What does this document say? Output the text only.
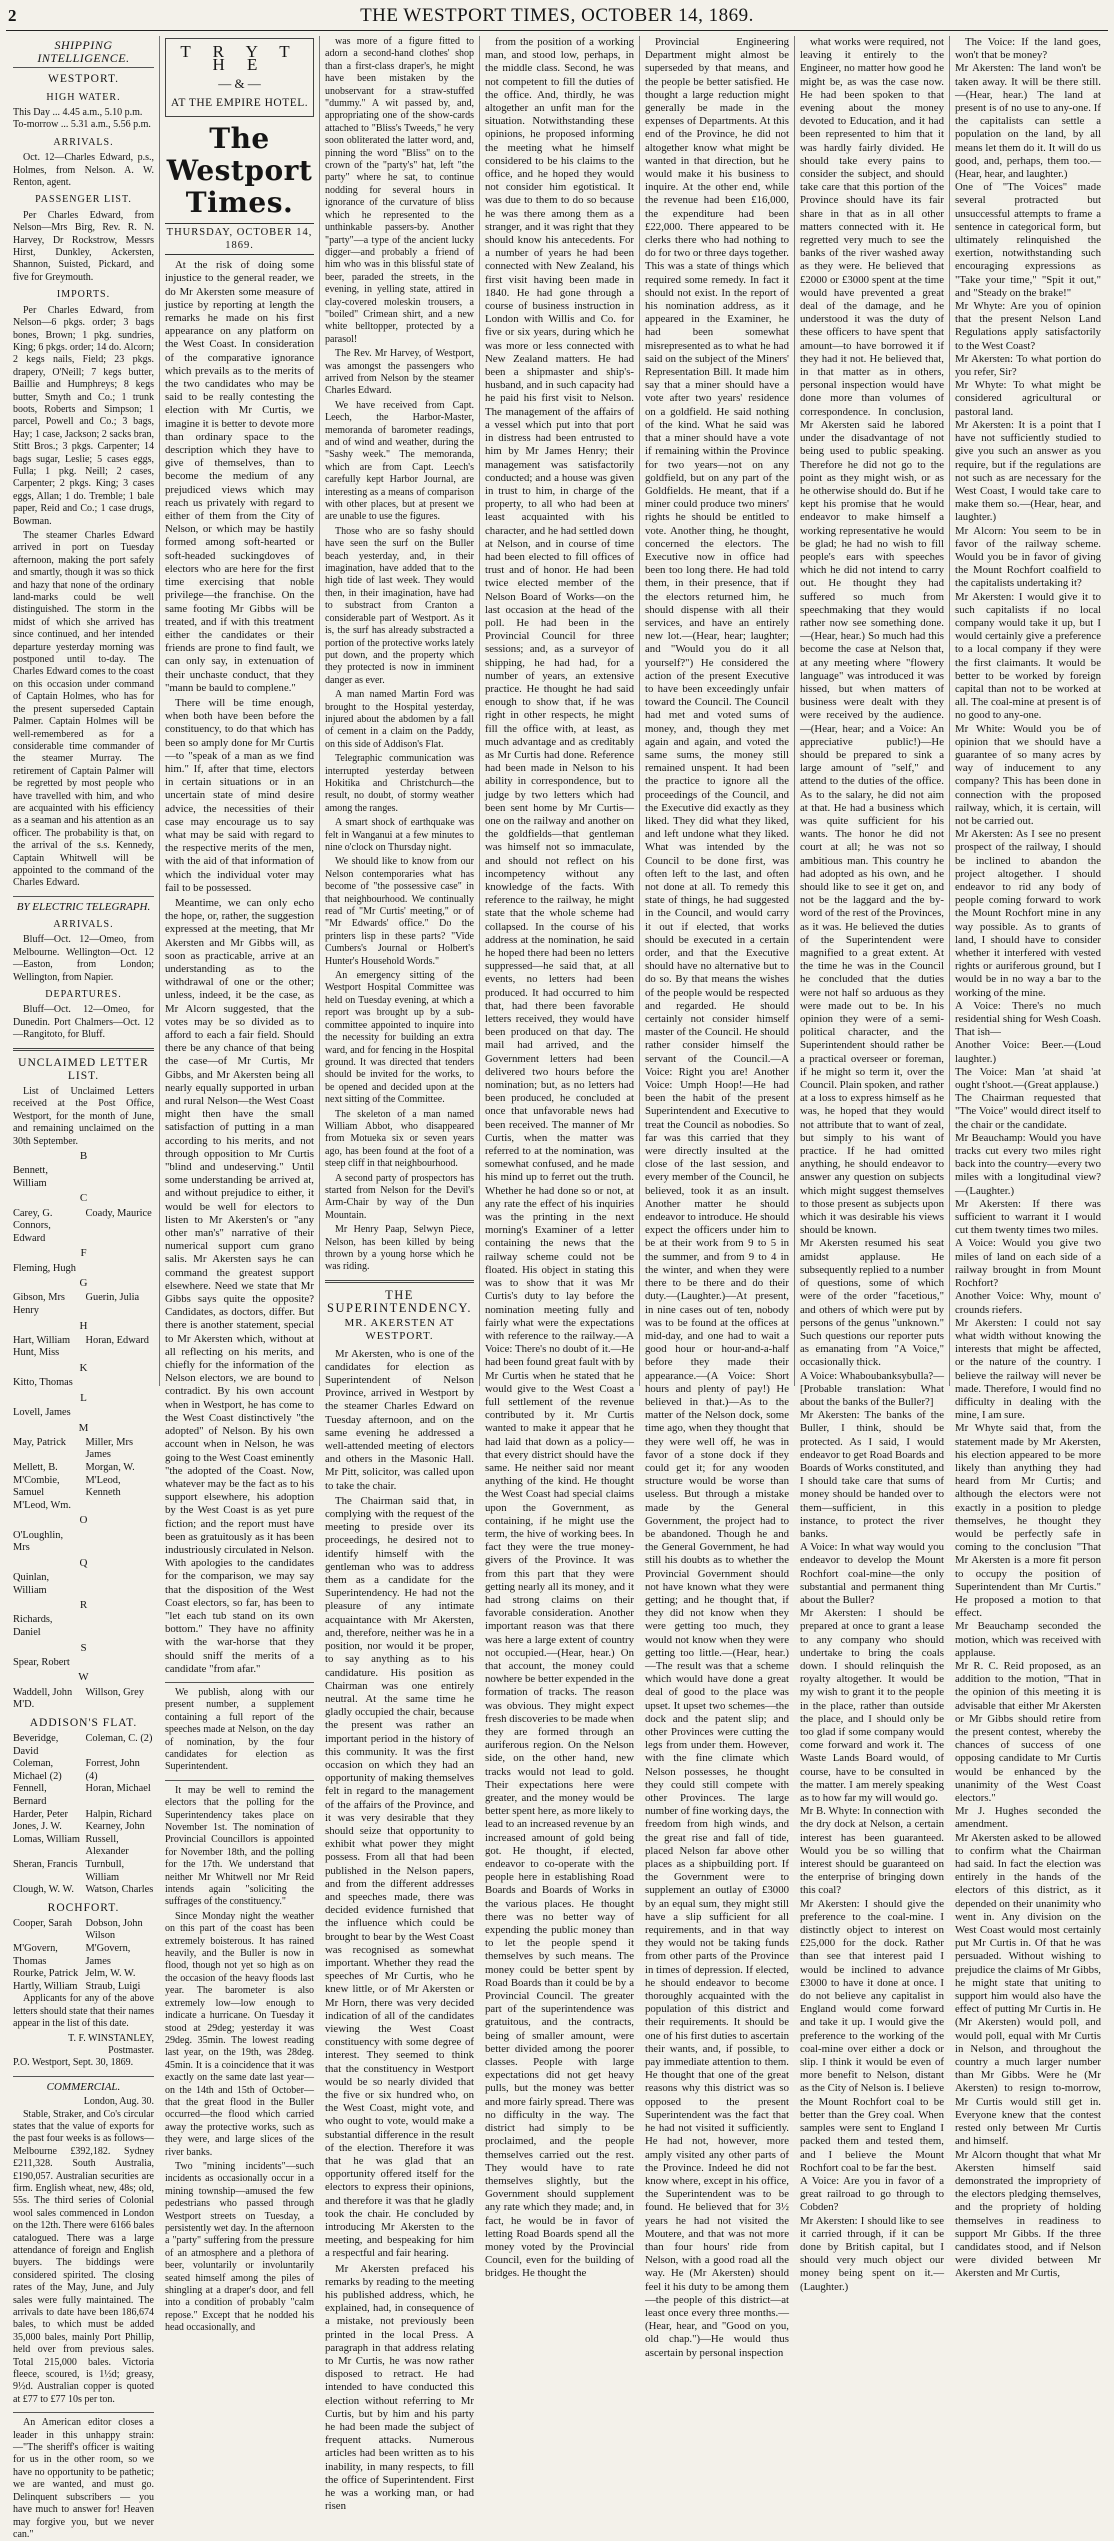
2	THE WESTPORT TIMES, OCTOBER 14, 1869.
SHIPPING INTELLIGENCE.
WESTPORT.
HIGH WATER.
This Day ... 4.45 a.m., 5.10 p.m.
To-morrow ... 5.31 a.m., 5.56 p.m.
ARRIVALS.

Oct. 12—Charles Edward, p.s., Holmes, from Nelson. A. W. Renton, agent.

PASSENGER LIST.

Per Charles Edward, from Nelson—Mrs Birg, Rev. R. N. Harvey, Dr Rockstrow, Messrs Hirst, Dunkley, Ackersten, Shannon, Suisted, Pickard, and five for Greymouth.

IMPORTS.

Per Charles Edward, from Nelson—6 pkgs. order; 3 bags bones, Brown; 1 pkg. sundries, King; 6 pkgs. order; 14 do. Alcorn; 2 kegs nails, Field; 23 pkgs. drapery, O'Neill; 7 kegs butter, Baillie and Humphreys; 8 kegs butter, Smyth and Co.; 1 trunk boots, Roberts and Simpson; 1 parcel, Powell and Co.; 3 bags, Hay; 1 case, Jackson; 2 sacks bran, Stitt Bros.; 3 pkgs. Carpenter; 14 bags sugar, Leslie; 5 cases eggs, Fulla; 1 pkg. Neill; 2 cases, Carpenter; 2 pkgs. King; 3 cases eggs, Allan; 1 do. Tremble; 1 bale paper, Reid and Co.; 1 case drugs, Bowman.

The steamer Charles Edward arrived in port on Tuesday afternoon, making the port safely and smartly, though it was so thick and hazy that none of the ordinary land-marks could be well distinguished. The storm in the midst of which she arrived has since continued, and her intended departure yesterday morning was postponed until to-day. The Charles Edward comes to the coast on this occasion under command of Captain Holmes, who has for the present superseded Captain Palmer. Captain Holmes will be well-remembered as for a considerable time commander of the steamer Murray. The retirement of Captain Palmer will be regretted by most people who have travelled with him, and who are acquainted with his efficiency as a seaman and his attention as an officer. The probability is that, on the arrival of the s.s. Kennedy, Captain Whitwell will be appointed to the command of the Charles Edward.

BY ELECTRIC TELEGRAPH.
ARRIVALS.

Bluff—Oct. 12—Omeo, from Melbourne. Wellington—Oct. 12—Easton, from London; Wellington, from Napier.

DEPARTURES.

Bluff—Oct. 12—Omeo, for Dunedin. Port Chalmers—Oct. 12—Rangitoto, for Bluff.

UNCLAIMED LETTER LIST.

List of Unclaimed Letters received at the Post Office, Westport, for the month of June, and remaining unclaimed on the 30th September.

B
Bennett, William
C
Carey, G.	Coady, Maurice
Connors, Edward
F
Fleming, Hugh
G
Gibson, Mrs Henry
Guerin, Julia
H
Hart, William	Horan, Edward
Hunt, Miss
K
Kitto, Thomas
L
Lovell, James
M
May, Patrick	Miller, Mrs James
Mellett, B.	Morgan, W.
M'Combie, Samuel
M'Leod, Kenneth
M'Leod, Wm.
O
O'Loughlin, Mrs
Q
Quinlan, William
R
Richards, Daniel
S
Spear, Robert
W
Waddell, John M'D.
Willson, Grey
ADDISON'S FLAT.
Beveridge, David
Coleman, C. (2)
Coleman, Michael (2)
Forrest, John (4)
Fennell, Bernard
Horan, Michael
Harder, Peter	Halpin, Richard
Jones, J. W.	Kearney, John
Lomas, William Russell, Alexander
Sheran, Francis Turnbull, William
Clough, W. W.	Watson, Charles
ROCHFORT.
Cooper, Sarah	Dobson, John Wilson
M'Govern, Thomas
M'Govern, James
Rourke, Patrick Jelm, W. W.
Hartly, William Straub, Luigi

Applicants for any of the above letters should state that their names appear in the list of this date.

T. F. WINSTANLEY,
Postmaster.
P.O. Westport, Sept. 30, 1869.
COMMERCIAL.
London, Aug. 30.

Stable, Straker, and Co's circular states that the value of exports for the past four weeks is as follows—Melbourne £392,182. Sydney £211,328. South Australia, £190,057. Australian securities are firm. English wheat, new, 48s; old, 55s. The third series of Colonial wool sales commenced in London on the 12th. There were 6166 bales catalogued. There was a large attendance of foreign and English buyers. The biddings were considered spirited. The closing rates of the May, June, and July sales were fully maintained. The arrivals to date have been 186,674 bales, to which must be added 35,000 bales, mainly Port Phillip, held over from previous sales. Total 215,000 bales. Victoria fleece, scoured, is 1½d; greasy, 9½d. Australian copper is quoted at £77 to £77 10s per ton.

An American editor closes a leader in this unhappy strain:—"The sheriff's officer is waiting for us in the other room, so we have no opportunity to be pathetic; we are wanted, and must go. Delinquent subscribers — you have much to answer for! Heaven may forgive you, but we never can."

T R Y T H E
— & —
AT THE EMPIRE HOTEL.
The Westport Times.
THURSDAY, OCTOBER 14, 1869.

At the risk of doing some injustice to the general reader, we do Mr Akersten some measure of justice by reporting at length the remarks he made on his first appearance on any platform on the West Coast. In consideration of the comparative ignorance which prevails as to the merits of the two candidates who may be said to be really contesting the election with Mr Curtis, we imagine it is better to devote more than ordinary space to the description which they have to give of themselves, than to become the medium of any prejudiced views which may reach us privately with regard to either of them from the City of Nelson, or which may be hastily formed among soft-hearted or soft-headed suckingdoves of electors who are here for the first time exercising that noble privilege—the franchise. On the same footing Mr Gibbs will be treated, and if with this treatment either the candidates or their friends are prone to find fault, we can only say, in extenuation of their unchaste conduct, that they "mann be bauld to complene."

There will be time enough, when both have been before the constituency, to do that which has been so amply done for Mr Curtis—to "speak of a man as we find him." If, after that time, electors in certain situations or in an uncertain state of mind desire advice, the necessities of their case may encourage us to say what may be said with regard to the respective merits of the men, with the aid of that information of which the individual voter may fail to be possessed.

Meantime, we can only echo the hope, or, rather, the suggestion expressed at the meeting, that Mr Akersten and Mr Gibbs will, as soon as practicable, arrive at an understanding as to the withdrawal of one or the other; unless, indeed, it be the case, as Mr Alcorn suggested, that the votes may be so divided as to afford to each a fair field. Should there be any chance of that being the case—of Mr Curtis, Mr Gibbs, and Mr Akersten being all nearly equally supported in urban and rural Nelson—the West Coast might then have the small satisfaction of putting in a man according to his merits, and not through opposition to Mr Curtis "blind and undeserving." Until some understanding be arrived at, and without prejudice to either, it would be well for electors to listen to Mr Akersten's or "any other man's" narrative of their numerical support cum grano salis. Mr Akersten says he can command the greatest support elsewhere. Need we state that Mr Gibbs says quite the opposite? Candidates, as doctors, differ. But there is another statement, special to Mr Akersten which, without at all reflecting on his merits, and chiefly for the information of the Nelson electors, we are bound to contradict. By his own account when in Westport, he has come to the West Coast distinctively "the adopted" of Nelson. By his own account when in Nelson, he was going to the West Coast eminently "the adopted of the Coast. Now, whatever may be the fact as to his support elsewhere, his adoption by the West Coast is as yet pure fiction; and the report must have been as gratuitously as it has been industriously circulated in Nelson. With apologies to the candidates for the comparison, we may say that the disposition of the West Coast electors, so far, has been to "let each tub stand on its own bottom." They have no affinity with the war-horse that they should sniff the merits of a candidate "from afar."

We publish, along with our present number, a supplement containing a full report of the speeches made at Nelson, on the day of nomination, by the four candidates for election as Superintendent.

It may be well to remind the electors that the polling for the Superintendency takes place on November 1st. The nomination of Provincial Councillors is appointed for November 18th, and the polling for the 17th. We understand that neither Mr Whitwell nor Mr Reid intends again "soliciting the suffrages of the constituency."

Since Monday night the weather on this part of the coast has been extremely boisterous. It has rained heavily, and the Buller is now in flood, though not yet so high as on the occasion of the heavy floods last year. The barometer is also extremely low—low enough to indicate a hurricane. On Tuesday it stood at 29deg; yesterday it was 29deg. 35min. The lowest reading last year, on the 19th, was 28deg. 45min. It is a coincidence that it was exactly on the same date last year—on the 14th and 15th of October—that the great flood in the Buller occurred—the flood which carried away the protective works, such as they were, and large slices of the river banks.

Two "mining incidents"—such incidents as occasionally occur in a mining township—amused the few pedestrians who passed through Westport streets on Tuesday, a persistently wet day. In the afternoon a "party" suffering from the pressure of an atmosphere and a plethora of beer, voluntarily or involuntarily seated himself among the piles of shingling at a draper's door, and fell into a condition of probably "calm repose." Except that he nodded his head occasionally, and

was more of a figure fitted to adorn a second-hand clothes' shop than a first-class draper's, he might have been mistaken by the unobservant for a straw-stuffed "dummy." A wit passed by, and, appropriating one of the show-cards attached to "Bliss's Tweeds," he very soon obliterated the latter word, and, pinning the word "Bliss" on to the crown of the "party's" hat, left "the party" where he sat, to continue nodding for several hours in ignorance of the curvature of bliss which he represented to the unthinkable passers-by. Another "party"—a type of the ancient lucky digger—and probably a friend of him who was in this blissful state of beer, paraded the streets, in the evening, in yelling state, attired in clay-covered moleskin trousers, a "boiled" Crimean shirt, and a new white belltopper, protected by a parasol!

The Rev. Mr Harvey, of Westport, was amongst the passengers who arrived from Nelson by the steamer Charles Edward.

We have received from Capt. Leech, the Harbor-Master, memoranda of barometer readings, and of wind and weather, during the "Sashy week." The memoranda, which are from Capt. Leech's carefully kept Harbor Journal, are interesting as a means of comparison with other places, but at present we are unable to use the figures.

Those who are so fashy should have seen the surf on the Buller beach yesterday, and, in their imagination, have added that to the high tide of last week. They would then, in their imagination, have had to substract from Cranton a considerable part of Westport. As it is, the surf has already substracted a portion of the protective works lately put down, and the property which they protected is now in imminent danger as ever.

A man named Martin Ford was brought to the Hospital yesterday, injured about the abdomen by a fall of cement in a claim on the Paddy, on this side of Addison's Flat.

Telegraphic communication was interrupted yesterday between Hokitika and Christchurch—the result, no doubt, of stormy weather among the ranges.

A smart shock of earthquake was felt in Wanganui at a few minutes to nine o'clock on Thursday night.

We should like to know from our Nelson contemporaries what has become of "the possessive case" in that neighbourhood. We continually read of "Mr Curtis' meeting," or of "Mr Edwards' office." Do the printers lisp in these parts? "Vide Cumbers's Journal or Holbert's Hunter's Household Words."

An emergency sitting of the Westport Hospital Committee was held on Tuesday evening, at which a report was brought up by a sub-committee appointed to inquire into the necessity for building an extra ward, and for fencing in the Hospital ground. It was directed that tenders should be invited for the works, to be opened and decided upon at the next sitting of the Committee.

The skeleton of a man named William Abbot, who disappeared from Motueka six or seven years ago, has been found at the foot of a steep cliff in that neighbourhood.

A second party of prospectors has started from Nelson for the Devil's Arm-Chair by way of the Dun Mountain.

Mr Henry Paap, Selwyn Piece, Nelson, has been killed by being thrown by a young horse which he was riding.

THE SUPERINTENDENCY.
MR. AKERSTEN AT WESTPORT.

Mr Akersten, who is one of the candidates for election as Superintendent of Nelson Province, arrived in Westport by the steamer Charles Edward on Tuesday afternoon, and on the same evening he addressed a well-attended meeting of electors and others in the Masonic Hall. Mr Pitt, solicitor, was called upon to take the chair.

The Chairman said that, in complying with the request of the meeting to preside over its proceedings, he desired not to identify himself with the gentleman who was to address them as a candidate for the Superintendency. He had not the pleasure of any intimate acquaintance with Mr Akersten, and, therefore, neither was he in a position, nor would it be proper, to say anything as to his candidature. His position as Chairman was one entirely neutral. At the same time he gladly occupied the chair, because the present was rather an important period in the history of this community. It was the first occasion on which they had an opportunity of making themselves felt in regard to the management of the affairs of the Province, and it was very desirable that they should seize that opportunity to exhibit what power they might possess. From all that had been published in the Nelson papers, and from the different addresses and speeches made, there was decided evidence furnished that the influence which could be brought to bear by the West Coast was recognised as somewhat important. Whether they read the speeches of Mr Curtis, who he knew little, or of Mr Akersten or Mr Horn, there was very decided indication of all of the candidates viewing the West Coast constituency with some degree of interest. They seemed to think that the constituency in Westport would be so nearly divided that the five or six hundred who, on the West Coast, might vote, and who ought to vote, would make a substantial difference in the result of the election. Therefore it was that he was glad that an opportunity offered itself for the electors to express their opinions, and therefore it was that he gladly took the chair. He concluded by introducing Mr Akersten to the meeting, and bespeaking for him a respectful and fair hearing.

Mr Akersten prefaced his remarks by reading to the meeting his published address, which, he explained, had, in consequence of a mistake, not previously been printed in the local Press. A paragraph in that address relating to Mr Curtis, he was now rather disposed to retract. He had intended to have conducted this election without referring to Mr Curtis, but by him and his party he had been made the subject of frequent attacks. Numerous articles had been written as to his inability, in many respects, to fill the office of Superintendent. First he was a working man, or had risen

from the position of a working man, and stood low, perhaps, in the middle class. Second, he was not competent to fill the duties of the office. And, thirdly, he was altogether an unfit man for the situation. Notwithstanding these opinions, he proposed informing the meeting what he himself considered to be his claims to the office, and he hoped they would not consider him egotistical. It was due to them to do so because he was there among them as a stranger, and it was right that they should know his antecedents. For a number of years he had been connected with New Zealand, his first visit having been made in 1840. He had gone through a course of business instruction in London with Willis and Co. for five or six years, during which he was more or less connected with New Zealand matters. He had been a shipmaster and ship's-husband, and in such capacity had he paid his first visit to Nelson. The management of the affairs of a vessel which put into that port in distress had been entrusted to him by Mr James Henry; their management was satisfactorily conducted; and a house was given in trust to him, in charge of the property, to all who had been at least acquainted with his character, and he had settled down at Nelson, and in course of time had been elected to fill offices of trust and of honor. He had been twice elected member of the Nelson Board of Works—on the last occasion at the head of the poll. He had been in the Provincial Council for three sessions; and, as a surveyor of shipping, he had had, for a number of years, an extensive practice. He thought he had said enough to show that, if he was right in other respects, he might fill the office with, at least, as much advantage and as creditably as Mr Curtis had done. Reference had been made in Nelson to his ability in correspondence, but to judge by two letters which had been sent home by Mr Curtis—one on the railway and another on the goldfields—that gentleman was himself not so immaculate, and should not reflect on his incompetency without any knowledge of the facts. With reference to the railway, he might state that the whole scheme had collapsed. In the course of his address at the nomination, he said he hoped there had been no letters suppressed—he said that, at all events, no letters had been produced. It had occurred to him that, had there been favorable letters received, they would have been produced on that day. The mail had arrived, and the Government letters had been delivered two hours before the nomination; but, as no letters had been produced, he concluded at once that unfavorable news had been received. The manner of Mr Curtis, when the matter was referred to at the nomination, was somewhat confused, and he made his mind up to ferret out the truth. Whether he had done so or not, at any rate the effect of his inquiries was the printing in the next morning's Examiner of a letter containing the news that the railway scheme could not be floated. His object in stating this was to show that it was Mr Curtis's duty to lay before the nomination meeting fully and fairly what were the expectations with reference to the railway.—A Voice: There's no doubt of it.—He had been found great fault with by Mr Curtis when he stated that he would give to the West Coast a full settlement of the revenue contributed by it. Mr Curtis wanted to make it appear that he had laid that down as a policy—that every district should have the same. He neither said nor meant anything of the kind. He thought the West Coast had special claims upon the Government, as containing, if he might use the term, the hive of working bees. In fact they were the true money-givers of the Province. It was from this part that they were getting nearly all its money, and it had strong claims on their favorable consideration. Another important reason was that there was here a large extent of country not occupied.—(Hear, hear.) On that account, the money could nowhere be better expended in the formation of tracks. The reason was obvious. They might expect fresh discoveries to be made when they are formed through an auriferous region. On the Nelson side, on the other hand, new tracks would not lead to gold. Their expectations here were greater, and the money would be better spent here, as more likely to lead to an increased revenue by an increased amount of gold being got. He thought, if elected, endeavor to co-operate with the people here in establishing Road Boards and Boards of Works in the various places. He thought there was no better way of expending the public money than to let the people spend it themselves by such means. The money could be better spent by Road Boards than it could be by a Provincial Council. The greater part of the superintendence was gratuitous, and the contracts, being of smaller amount, were better divided among the poorer classes. People with large expectations did not get heavy pulls, but the money was better and more fairly spread. There was no difficulty in the way. The district had simply to be proclaimed, and the people themselves carried out the rest. They would have to rate themselves slightly, but the Government should supplement any rate which they made; and, in fact, he would be in favor of letting Road Boards spend all the money voted by the Provincial Council, even for the building of bridges. He thought the

Provincial Engineering Department might almost be superseded by that means, and the people be better satisfied. He thought a large reduction might generally be made in the expenses of Departments. At this end of the Province, he did not altogether know what might be wanted in that direction, but he would make it his business to inquire. At the other end, while the revenue had been £16,000, the expenditure had been £22,000. There appeared to be clerks there who had nothing to do for two or three days together. This was a state of things which required some remedy. In fact it should not exist. In the report of his nomination address, as it appeared in the Examiner, he had been somewhat misrepresented as to what he had said on the subject of the Miners' Representation Bill. It made him say that a miner should have a vote after two years' residence on a goldfield. He said nothing of the kind. What he said was that a miner should have a vote if remaining within the Province for two years—not on any goldfield, but on any part of the Goldfields. He meant, that if a miner could produce two miners' rights he should be entitled to vote. Another thing, he thought, concerned the electors. The Executive now in office had been too long there. He had told them, in their presence, that if the electors returned him, he should dispense with all their services, and have an entirely new lot.—(Hear, hear; laughter; and "Would you do it all yourself?") He considered the action of the present Executive to have been exceedingly unfair toward the Council. The Council had met and voted sums of money, and, though they met again and again, and voted the same sums, the money still remained unspent. It had been the practice to ignore all the proceedings of the Council, and the Executive did exactly as they liked. They did what they liked, and left undone what they liked. What was intended by the Council to be done first, was often left to the last, and often not done at all. To remedy this state of things, he had suggested in the Council, and would carry it out if elected, that works should be executed in a certain order, and that the Executive should have no alternative but to do so. By that means the wishes of the people would be respected and regarded. He should certainly not consider himself master of the Council. He should rather consider himself the servant of the Council.—A Voice: Right you are! Another Voice: Umph Hoop!—He had been the habit of the present Superintendent and Executive to treat the Council as nobodies. So far was this carried that they were directly insulted at the close of the last session, and every member of the Council, he believed, took it as an insult. Another matter he should endeavor to introduce. He should expect the officers under him to be at their work from 9 to 5 in the summer, and from 9 to 4 in the winter, and when they were there to be there and do their duty.—(Laughter.)—At present, in nine cases out of ten, nobody was to be found at the offices at mid-day, and one had to wait a good hour or hour-and-a-half before they made their appearance.—(A Voice: Short hours and plenty of pay!) He believed in that.)—As to the matter of the Nelson dock, some time ago, when they thought that they were well off, he was in favor of a stone dock if they could get it; for any wooden structure would be worse than useless. But through a mistake made by the General Government, the project had to be abandoned. Though he and the General Government, he had still his doubts as to whether the Provincial Government should not have known what they were getting; and he thought that, if they did not know when they were getting too much, they would not know when they were getting too little.—(Hear, hear.)—The result was that a scheme which would have done a great deal of good to the place was upset. It upset two schemes—the dock and the patent slip; and other Provinces were cutting the legs from under them. However, with the fine climate which Nelson possesses, he thought they could still compete with other Provinces. The large number of fine working days, the freedom from high winds, and the great rise and fall of tide, placed Nelson far above other places as a shipbuilding port. If the Government were to supplement an outlay of £3000 by an equal sum, they might still have a slip sufficient for all requirements, and in that way they would not be taking funds from other parts of the Province in times of depression. If elected, he should endeavor to become thoroughly acquainted with the population of this district and their requirements. It should be one of his first duties to ascertain their wants, and, if possible, to pay immediate attention to them. He thought that one of the great reasons why this district was so opposed to the present Superintendent was the fact that he had not visited it sufficiently. He had not, however, more amply visited any other parts of the Province. Indeed he did not know where, except in his office, the Superintendent was to be found. He believed that for 3½ years he had not visited the Moutere, and that was not more than four hours' ride from Nelson, with a good road all the way. He (Mr Akersten) should feel it his duty to be among them—the people of this district—at least once every three months.—(Hear, hear, and "Good on you, old chap.")—He would thus ascertain by personal inspection

what works were required, not leaving it entirely to the Engineer, no matter how good he might be, as was the case now. He had been spoken to that evening about the money devoted to Education, and it had been represented to him that it was hardly fairly divided. He should take every pains to consider the subject, and should take care that this portion of the Province should have its fair share in that as in all other matters connected with it. He regretted very much to see the banks of the river washed away as they were. He believed that £2000 or £3000 spent at the time would have prevented a great deal of the damage, and he understood it was the duty of these officers to have spent that amount—to have borrowed it if they had it not. He believed that, in that matter as in others, personal inspection would have done more than volumes of correspondence. In conclusion, Mr Akersten said he labored under the disadvantage of not being used to public speaking. Therefore he did not go to the point as they might wish, or as he otherwise should do. But if he kept his promise that he would endeavor to make himself a working representative he would be glad; he had no wish to fill people's ears with speeches which he did not intend to carry out. He thought they had suffered so much from speechmaking that they would rather now see something done.—(Hear, hear.) So much had this become the case at Nelson that, at any meeting where "flowery language" was introduced it was hissed, but when matters of business were dealt with they were received by the audience.—(Hear, hear; and a Voice: An appreciative public!)—He should be prepared to sink a large amount of "self," and attend to the duties of the office. As to the salary, he did not aim at that. He had a business which was quite sufficient for his wants. The honor he did not court at all; he was not so ambitious man. This country he had adopted as his own, and he should like to see it get on, and not be the laggard and the by-word of the rest of the Provinces, as it was. He believed the duties of the Superintendent were magnified to a great extent. At the time he was in the Council he concluded that the duties were not half so arduous as they were made out to be. In his opinion they were of a semi-political character, and the Superintendent should rather be a practical overseer or foreman, if he might so term it, over the Council. Plain spoken, and rather at a loss to express himself as he was, he hoped that they would not attribute that to want of zeal, but simply to his want of practice. If he had omitted anything, he should endeavor to answer any question on subjects which might suggest themselves to those present as subjects upon which it was desirable his views should be known.
Mr Akersten resumed his seat amidst applause. He subsequently replied to a number of questions, some of which were of the order "facetious," and others of which were put by persons of the genus "unknown." Such questions our reporter puts as emanating from "A Voice," occasionally thick.
A Voice: Whaboubanksybulla?—[Probable translation: What about the banks of the Buller?]
Mr Akersten: The banks of the Buller, I think, should be protected. As I said, I would endeavor to get Road Boards and Boards of Works constituted, and I should take care that sums of money should be handed over to them—sufficient, in this instance, to protect the river banks.
A Voice: In what way would you endeavor to develop the Mount Rochfort coal-mine—the only substantial and permanent thing about the Buller?
Mr Akersten: I should be prepared at once to grant a lease to any company who should undertake to bring the coals down. I should relinquish the royalty altogether. It would be my wish to grant it to the people in the place, rather than outside the place, and I should only be too glad if some company would come forward and work it. The Waste Lands Board would, of course, have to be consulted in the matter. I am merely speaking as to how far my will would go.
Mr B. Whyte: In connection with the dry dock at Nelson, a certain interest has been guaranteed. Would you be so willing that interest should be guaranteed on the enterprise of bringing down this coal?
Mr Akersten: I should give the preference to the coal-mine. I distinctly object to interest on £25,000 for the dock. Rather than see that interest paid I would be inclined to advance £3000 to have it done at once. I do not believe any capitalist in England would come forward and take it up. I would give the preference to the working of the coal-mine over either a dock or slip. I think it would be even of more benefit to Nelson, distant as the City of Nelson is. I believe the Mount Rochfort coal to be better than the Grey coal. When samples were sent to England I packed them and tested them, and I believe the Mount Rochfort coal to be far the best.
A Voice: Are you in favor of a great railroad to go through to Cobden?
Mr Akersten: I should like to see it carried through, if it can be done by British capital, but I should very much object our money being spent on it.—(Laughter.)

The Voice: If the land goes, won't that be money?
Mr Akersten: The land won't be taken away. It will be there still.—(Hear, hear.) The land at present is of no use to any-one. If the capitalists can settle a population on the land, by all means let them do it. It will do us good, and, perhaps, them too.—(Hear, hear, and laughter.)
One of "The Voices" made several protracted but unsuccessful attempts to frame a sentence in categorical form, but ultimately relinquished the exertion, notwithstanding such encouraging expressions as "Take your time," "Spit it out," and "Steady on the brake!"
Mr Whyte: Are you of opinion that the present Nelson Land Regulations apply satisfactorily to the West Coast?
Mr Akersten: To what portion do you refer, Sir?
Mr Whyte: To what might be considered agricultural or pastoral land.
Mr Akersten: It is a point that I have not sufficiently studied to give you such an answer as you require, but if the regulations are not such as are necessary for the West Coast, I would take care to make them so.—(Hear, hear, and laughter.)
Mr Alcorn: You seem to be in favor of the railway scheme. Would you be in favor of giving the Mount Rochfort coalfield to the capitalists undertaking it?
Mr Akersten: I would give it to such capitalists if no local company would take it up, but I would certainly give a preference to a local company if they were the first claimants. It would be better to be worked by foreign capital than not to be worked at all. The coal-mine at present is of no good to any-one.
Mr White: Would you be of opinion that we should have a guarantee of so many acres by way of inducement to any company? This has been done in connection with the proposed railway, which, it is certain, will not be carried out.
Mr Akersten: As I see no present prospect of the railway, I should be inclined to abandon the project altogether. I should endeavor to rid any body of people coming forward to work the Mount Rochfort mine in any way possible. As to grants of land, I should have to consider whether it interfered with vested rights or auriferous ground, but I would be in no way a bar to the working of the mine.
A Voice: There's no much residential shing for Wesh Coash. That ish—
Another Voice: Beer.—(Loud laughter.)
The Voice: Man 'at shaid 'at ought t'shoot.—(Great applause.)
The Chairman requested that "The Voice" would direct itself to the chair or the candidate.
Mr Beauchamp: Would you have tracks cut every two miles right back into the country—every two miles with a longitudinal view?—(Laughter.)
Mr Akersten: If there was sufficient to warrant it I would cut them twenty times two miles.
A Voice: Would you give two miles of land on each side of a railway brought in from Mount Rochfort?
Another Voice: Why, mount o' crounds riefers.
Mr Akersten: I could not say what width without knowing the interests that might be affected, or the nature of the country. I believe the railway will never be made. Therefore, I would find no difficulty in dealing with the mine, I am sure.
Mr Whyte said that, from the statement made by Mr Akersten, his election appeared to be more likely than anything they had heard from Mr Curtis; and although the electors were not exactly in a position to pledge themselves, he thought they would be perfectly safe in coming to the conclusion "That Mr Akersten is a more fit person to occupy the position of Superintendent than Mr Curtis." He proposed a motion to that effect.
Mr Beauchamp seconded the motion, which was received with applause.
Mr R. C. Reid proposed, as an addition to the motion, "That in the opinion of this meeting it is advisable that either Mr Akersten or Mr Gibbs should retire from the present contest, whereby the chances of success of one opposing candidate to Mr Curtis would be enhanced by the unanimity of the West Coast electors."
Mr J. Hughes seconded the amendment.
Mr Akersten asked to be allowed to confirm what the Chairman had said. In fact the election was entirely in the hands of the electors of this district, as it depended on their unanimity who went in. Any division on the West Coast would most certainly put Mr Curtis in. Of that he was persuaded. Without wishing to prejudice the claims of Mr Gibbs, he might state that uniting to support him would also have the effect of putting Mr Curtis in. He (Mr Akersten) would poll, and would poll, equal with Mr Curtis in Nelson, and throughout the country a much larger number than Mr Gibbs. Were he (Mr Akersten) to resign to-morrow, Mr Curtis would still get in. Everyone knew that the contest rested only between Mr Curtis and himself.
Mr Alcorn thought that what Mr Akersten himself said demonstrated the impropriety of the electors pledging themselves, and the propriety of holding themselves in readiness to support Mr Gibbs. If the three candidates stood, and if Nelson were divided between Mr Akersten and Mr Curtis,
